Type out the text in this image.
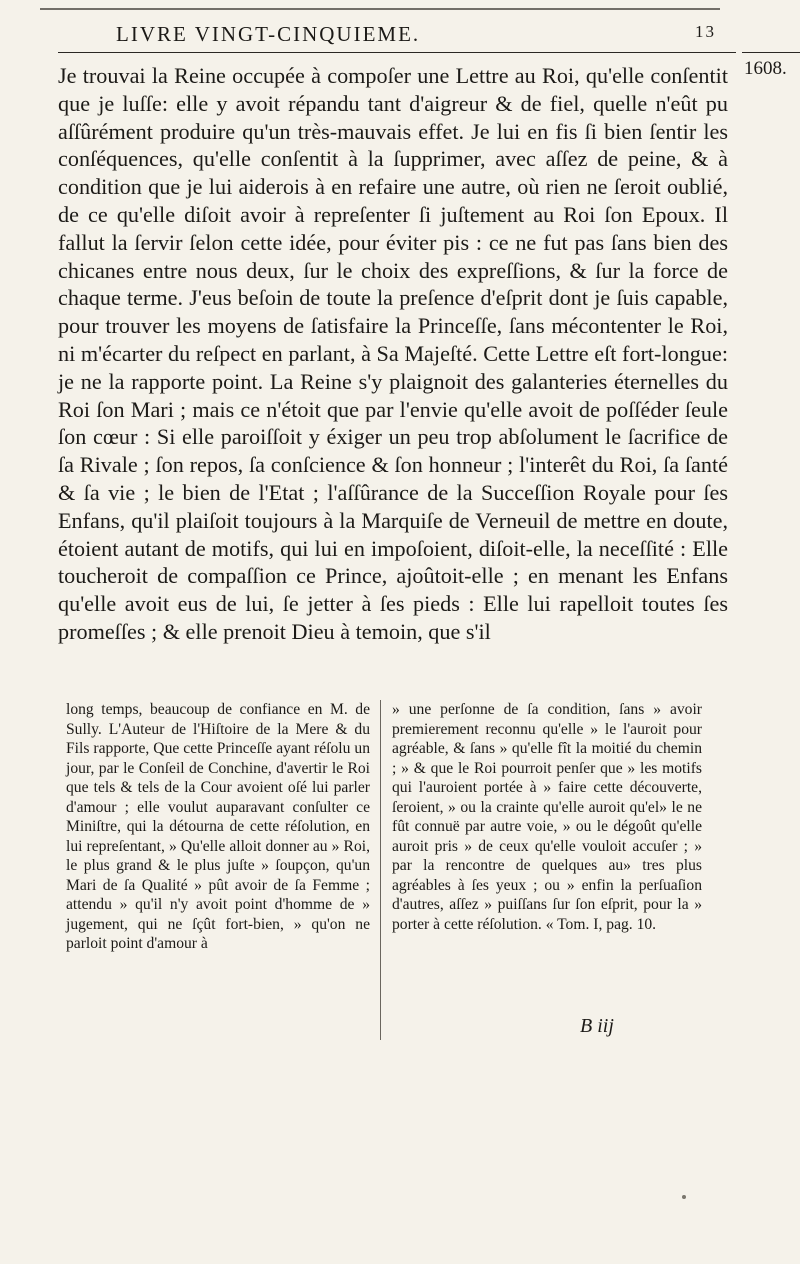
LIVRE VINGT-CINQUIEME.	13
1608.

Je trouvai la Reine occupée à compoſer une Lettre au Roi, qu'elle conſentit que je luſſe: elle y avoit répandu tant d'aigreur & de fiel, quelle n'eût pu aſſûrément produire qu'un très-mauvais effet. Je lui en fis ſi bien ſentir les conſéquences, qu'elle conſentit à la ſupprimer, avec aſſez de peine, & à condition que je lui aiderois à en refaire une autre, où rien ne ſeroit oublié, de ce qu'elle diſoit avoir à repreſenter ſi juſtement au Roi ſon Epoux. Il fallut la ſervir ſelon cette idée, pour éviter pis : ce ne fut pas ſans bien des chicanes entre nous deux, ſur le choix des expreſſions, & ſur la force de chaque terme. J'eus beſoin de toute la preſence d'eſprit dont je ſuis capable, pour trouver les moyens de ſatisfaire la Princeſſe, ſans mécontenter le Roi, ni m'écarter du reſpect en parlant, à Sa Majeſté. Cette Lettre eſt fort-longue: je ne la rapporte point. La Reine s'y plaignoit des galanteries éternelles du Roi ſon Mari ; mais ce n'étoit que par l'envie qu'elle avoit de poſſéder ſeule ſon cœur : Si elle paroiſſoit y éxiger un peu trop abſolument le ſacrifice de ſa Rivale ; ſon repos, ſa conſcience & ſon honneur ; l'interêt du Roi, ſa ſanté & ſa vie ; le bien de l'Etat ; l'aſſûrance de la Succeſſion Royale pour ſes Enfans, qu'il plaiſoit toujours à la Marquiſe de Verneuil de mettre en doute, étoient autant de motifs, qui lui en impoſoient, diſoit-elle, la neceſſité : Elle toucheroit de compaſſion ce Prince, ajoûtoit-elle ; en menant les Enfans qu'elle avoit eus de lui, ſe jetter à ſes pieds : Elle lui rapelloit toutes ſes promeſſes ; & elle prenoit Dieu à temoin, que s'il

long temps, beaucoup de confiance en M. de Sully. L'Auteur de l'Hiſtoire de la Mere & du Fils rapporte, Que cette Princeſſe ayant réſolu un jour, par le Conſeil de Conchine, d'avertir le Roi que tels & tels de la Cour avoient oſé lui parler d'amour ; elle voulut auparavant conſulter ce Miniſtre, qui la détourna de cette réſolution, en lui repreſentant, » Qu'elle alloit donner au » Roi, le plus grand & le plus juſte » ſoupçon, qu'un Mari de ſa Qualité » pût avoir de ſa Femme ; attendu » qu'il n'y avoit point d'homme de » jugement, qui ne ſçût fort-bien, » qu'on ne parloit point d'amour à
» une perſonne de ſa condition, ſans » avoir premierement reconnu qu'elle » le l'auroit pour agréable, & ſans » qu'elle fît la moitié du chemin ; » & que le Roi pourroit penſer que » les motifs qui l'auroient portée à » faire cette découverte, ſeroient, » ou la crainte qu'elle auroit qu'el» le ne fût connuë par autre voie, » ou le dégoût qu'elle auroit pris » de ceux qu'elle vouloit accuſer ; » par la rencontre de quelques au» tres plus agréables à ſes yeux ; ou » enfin la perſuaſion d'autres, aſſez » puiſſans ſur ſon eſprit, pour la » porter à cette réſolution. « Tom. I, pag. 10.
B iij
